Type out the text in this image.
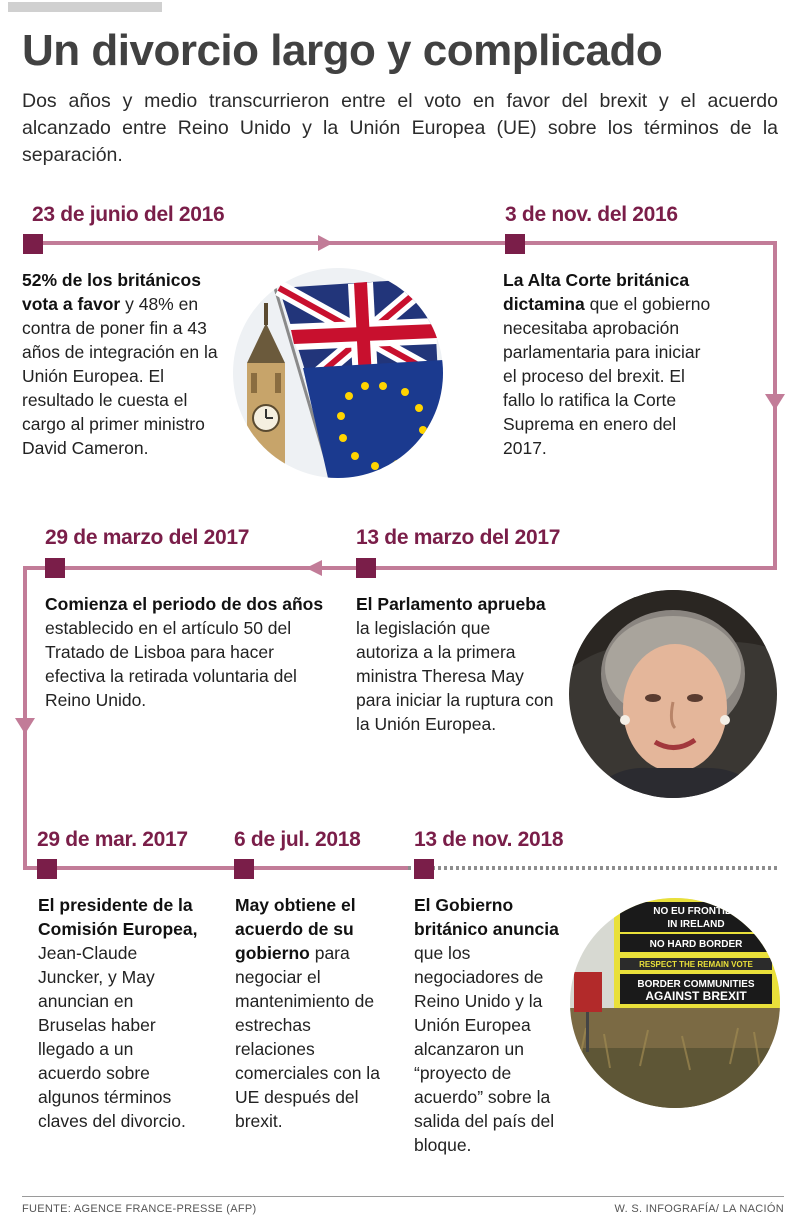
Un divorcio largo y complicado

Dos años y medio transcurrieron entre el voto en favor del brexit y el acuerdo alcanzado entre Reino Unido y la Unión Europea (UE) sobre los términos de la separación.

23 de junio del 2016	3 de nov. del 2016
13 de marzo del 2017
29 de marzo del 2017
29 de mar. 2017 6 de jul. 2018	13 de nov. 2018
52% de los británicos vota a favor y 48% en contra de poner fin a 43 años de integración en la Unión Europea. El resultado le cuesta el cargo al primer ministro David Cameron.
La Alta Corte británica dictamina que el gobierno necesitaba aprobación parlamentaria para iniciar el proceso del brexit. El fallo lo ratifica la Corte Suprema en enero del 2017.
El Parlamento aprueba la legislación que autoriza a la primera ministra Theresa May para iniciar la ruptura con la Unión Europea.
Comienza el periodo de dos años establecido en el artículo 50 del Tratado de Lisboa para hacer efectiva la retirada voluntaria del Reino Unido.
El presidente de la Comisión Europea, Jean-Claude Juncker, y May anuncian en Bruselas haber llegado a un acuerdo sobre algunos términos claves del divorcio.
May obtiene el acuerdo de su gobierno para negociar el mantenimiento de estrechas relaciones comerciales con la UE después del brexit.
El Gobierno británico anuncia que los negociadores de Reino Unido y la Unión Europea alcanzaron un “proyecto de acuerdo” sobre la salida del país del bloque.
NO EU FRONTIER
IN IRELAND
NO HARD BORDER
RESPECT THE REMAIN VOTE
BORDER COMMUNITIES
AGAINST BREXIT
FUENTE: AGENCE FRANCE-PRESSE (AFP)	W. S. INFOGRAFÍA/ LA NACIÓN
